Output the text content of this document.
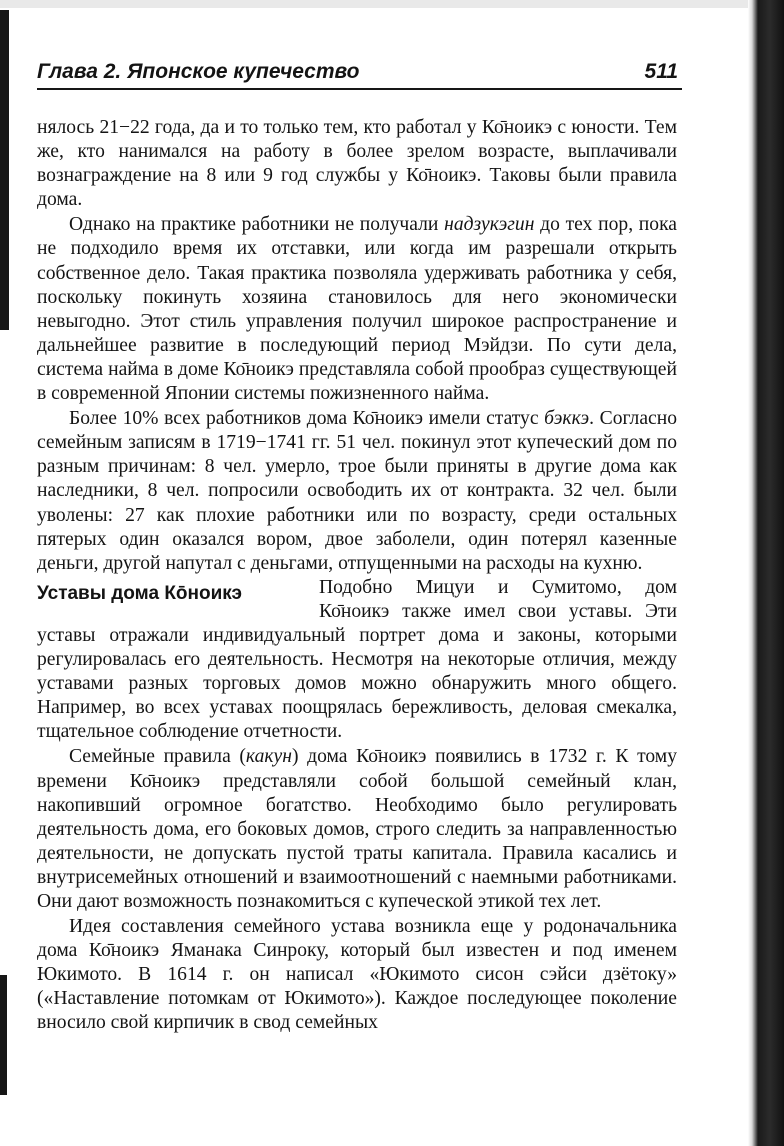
Глава 2. Японское купечество	511

нялось 21−22 года, да и то только тем, кто работал у Ко̄ноикэ с юности. Тем же, кто нанимался на работу в более зрелом возрасте, выплачивали вознаграждение на 8 или 9 год службы у Ко̄ноикэ. Таковы были правила дома.

Однако на практике работники не получали надзукэгин до тех пор, пока не подходило время их отставки, или когда им разрешали открыть собственное дело. Такая практика позволяла удерживать работника у себя, поскольку покинуть хозяина становилось для него экономически невыгодно. Этот стиль управления получил широкое распространение и дальнейшее развитие в последующий период Мэйдзи. По сути дела, система найма в доме Ко̄ноикэ представляла собой прообраз существующей в современной Японии системы пожизненного найма.

Более 10% всех работников дома Ко̄ноикэ имели статус бэккэ. Согласно семейным записям в 1719−1741 гг. 51 чел. покинул этот купеческий дом по разным причинам: 8 чел. умерло, трое были приняты в другие дома как наследники, 8 чел. попросили освободить их от контракта. 32 чел. были уволены: 27 как плохие работники или по возрасту, среди остальных пятерых один оказался вором, двое заболели, один потерял казенные деньги, другой напутал с деньгами, отпущенными на расходы на кухню.

Уставы дома Ко̄ноикэ	Подобно Мицуи и Сумитомо, дом Ко̄ноикэ также имел свои уставы. Эти уставы отражали индивидуальный портрет дома и законы, которыми регулировалась его деятельность. Несмотря на некоторые отличия, между уставами разных торговых домов можно обнаружить много общего. Например, во всех уставах поощрялась бережливость, деловая смекалка, тщательное соблюдение отчетности.

Семейные правила (какун) дома Ко̄ноикэ появились в 1732 г. К тому времени Ко̄ноикэ представляли собой большой семейный клан, накопивший огромное богатство. Необходимо было регулировать деятельность дома, его боковых домов, строго следить за направленностью деятельности, не допускать пустой траты капитала. Правила касались и внутрисемейных отношений и взаимоотношений с наемными работниками. Они дают возможность познакомиться с купеческой этикой тех лет.

Идея составления семейного устава возникла еще у родоначальника дома Ко̄ноикэ Яманака Синроку, который был известен и под именем Юкимото. В 1614 г. он написал «Юкимото сисон сэйси дзётоку» («Наставление потомкам от Юкимото»). Каждое последующее поколение вносило свой кирпичик в свод семейных
